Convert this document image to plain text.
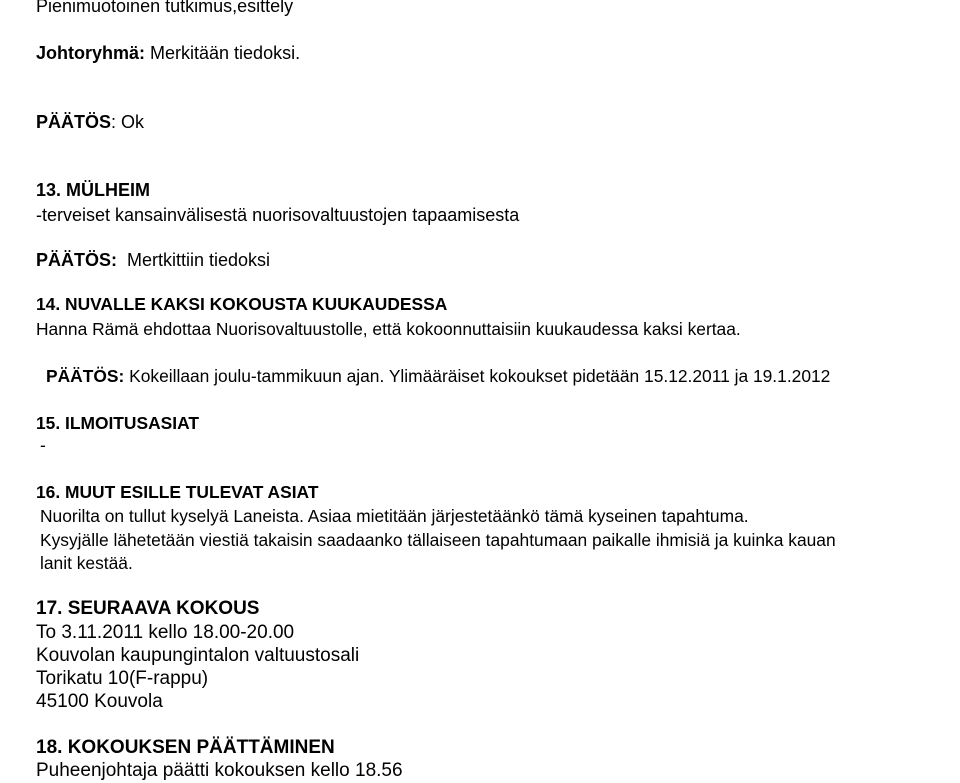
Pienimuotoinen tutkimus,esittely
Johtoryhmä: Merkitään tiedoksi.
PÄÄTÖS: Ok
13. MÜLHEIM
-terveiset kansainvälisestä nuorisovaltuustojen tapaamisesta
PÄÄTÖS:  Mertkittiin tiedoksi
14. NUVALLE KAKSI KOKOUSTA KUUKAUDESSA
Hanna Rämä ehdottaa Nuorisovaltuustolle, että kokoonnuttaisiin kuukaudessa kaksi kertaa.
PÄÄTÖS: Kokeillaan joulu-tammikuun ajan. Ylimääräiset kokoukset pidetään 15.12.2011 ja 19.1.2012
15. ILMOITUSASIAT
-
16. MUUT ESILLE TULEVAT ASIAT
Nuorilta on tullut kyselyä Laneista. Asiaa mietitään järjestetäänkö tämä kyseinen tapahtuma.
Kysyjälle lähetetään viestiä takaisin saadaanko tällaiseen tapahtumaan paikalle ihmisiä ja kuinka kauan
lanit kestää.
17. SEURAAVA KOKOUS
To 3.11.2011 kello 18.00-20.00
Kouvolan kaupungintalon valtuustosali
Torikatu 10(F-rappu)
45100 Kouvola
18. KOKOUKSEN PÄÄTTÄMINEN
Puheenjohtaja päätti kokouksen kello 18.56
